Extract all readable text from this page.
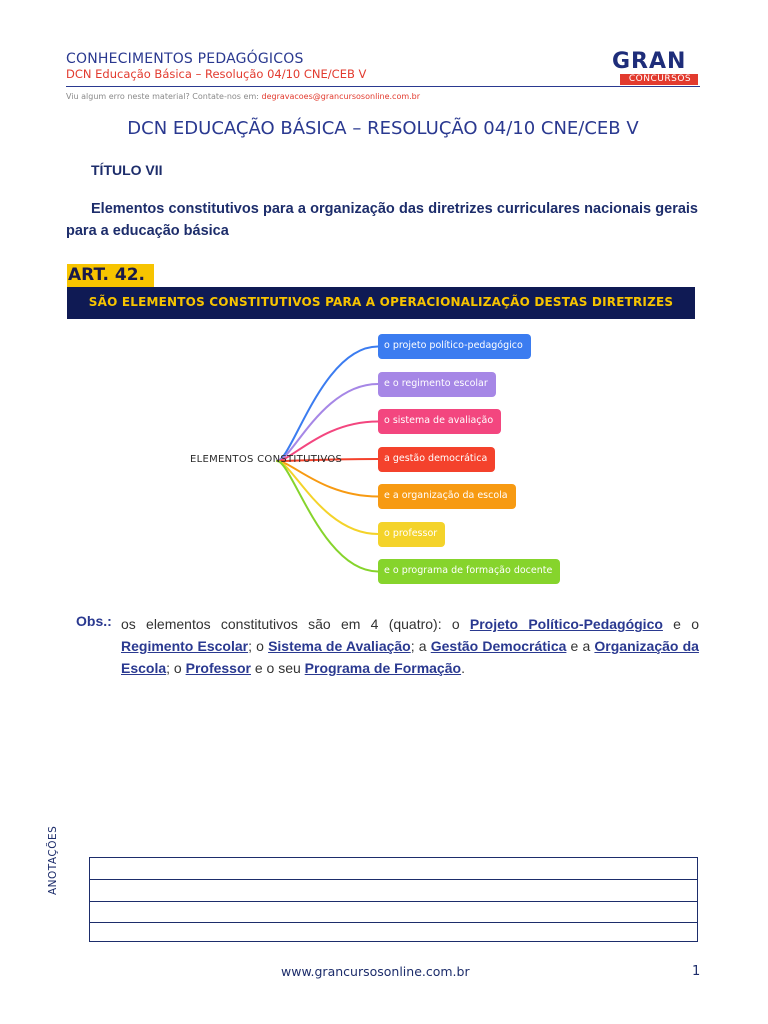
CONHECIMENTOS PEDAGÓGICOS
DCN Educação Básica – Resolução 04/10 CNE/CEB V	GRAN
CONCURSOS
Viu algum erro neste material? Contate-nos em: degravacoes@grancursosonline.com.br
DCN EDUCAÇÃO BÁSICA – RESOLUÇÃO 04/10 CNE/CEB V
TÍTULO VII
Elementos constitutivos para a organização das diretrizes curriculares nacionais gerais para a educação básica
ART. 42.
SÃO ELEMENTOS CONSTITUTIVOS PARA A OPERACIONALIZAÇÃO DESTAS DIRETRIZES
ELEMENTOS CONSTITUTIVOS
o projeto político-pedagógico
e o regimento escolar
o sistema de avaliação
a gestão democrática
e a organização da escola
o professor
e o programa de formação docente
Obs.: os elementos constitutivos são em 4 (quatro): o Projeto Político-Pedagógico e o Regimento Escolar; o Sistema de Avaliação; a Gestão Democrática e a Organização da Escola; o Professor e o seu Programa de Formação.
ANOTAÇÕES
www.grancursosonline.com.br	1
